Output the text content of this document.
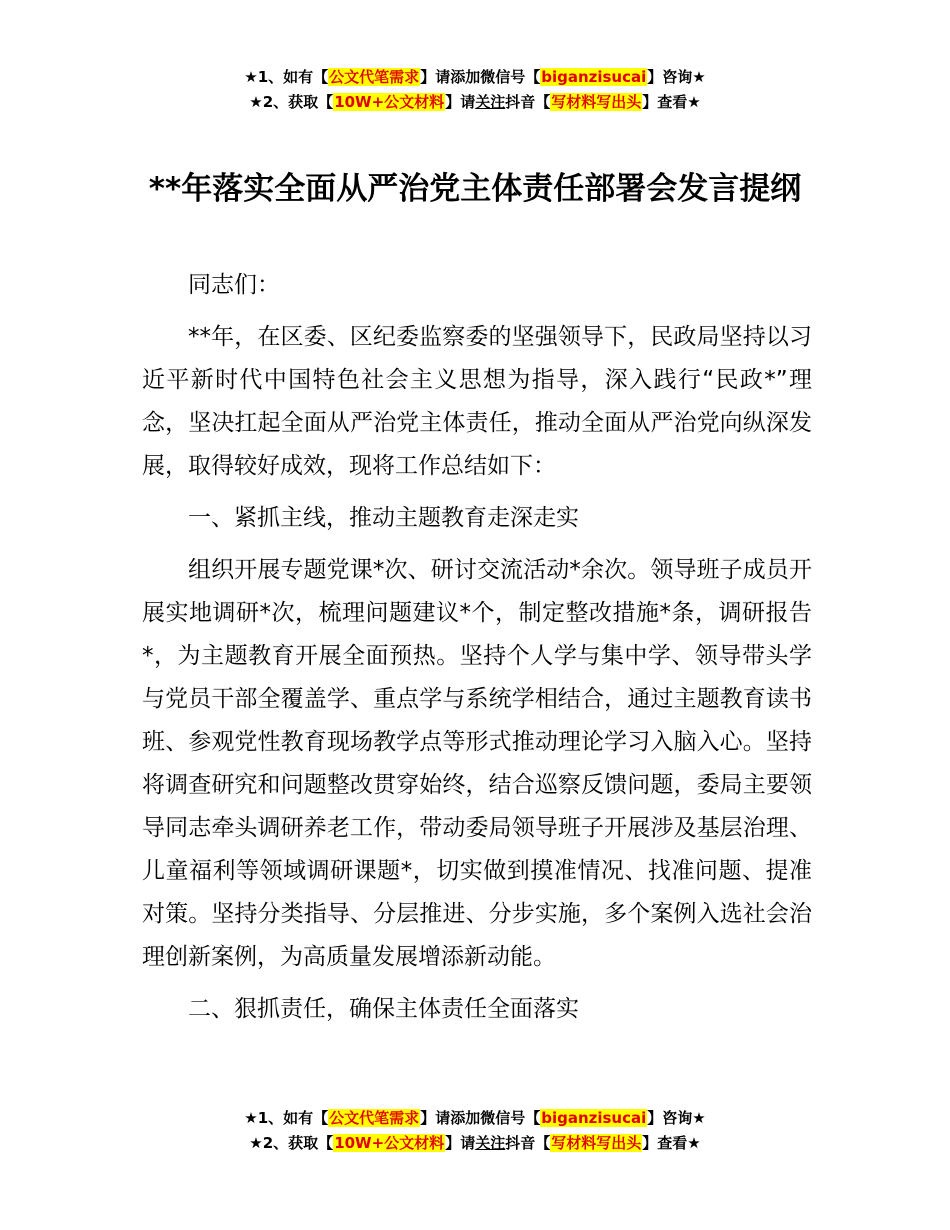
★1、如有【公文代笔需求】请添加微信号【biganzisucai】咨询★
★2、获取【10W+公文材料】请关注抖音【写材料写出头】查看★
**年落实全面从严治党主体责任部署会发言提纲

同志们：

**年，在区委、区纪委监察委的坚强领导下，民政局坚持以习近平新时代中国特色社会主义思想为指导，深入践行“民政*”理念，坚决扛起全面从严治党主体责任，推动全面从严治党向纵深发展，取得较好成效，现将工作总结如下：

一、紧抓主线，推动主题教育走深走实

组织开展专题党课*次、研讨交流活动*余次。领导班子成员开展实地调研*次，梳理问题建议*个，制定整改措施*条，调研报告*，为主题教育开展全面预热。坚持个人学与集中学、领导带头学与党员干部全覆盖学、重点学与系统学相结合，通过主题教育读书班、参观党性教育现场教学点等形式推动理论学习入脑入心。坚持将调查研究和问题整改贯穿始终，结合巡察反馈问题，委局主要领导同志牵头调研养老工作，带动委局领导班子开展涉及基层治理、儿童福利等领域调研课题*，切实做到摸准情况、找准问题、提准对策。坚持分类指导、分层推进、分步实施，多个案例入选社会治理创新案例，为高质量发展增添新动能。

二、狠抓责任，确保主体责任全面落实

★1、如有【公文代笔需求】请添加微信号【biganzisucai】咨询★
★2、获取【10W+公文材料】请关注抖音【写材料写出头】查看★
